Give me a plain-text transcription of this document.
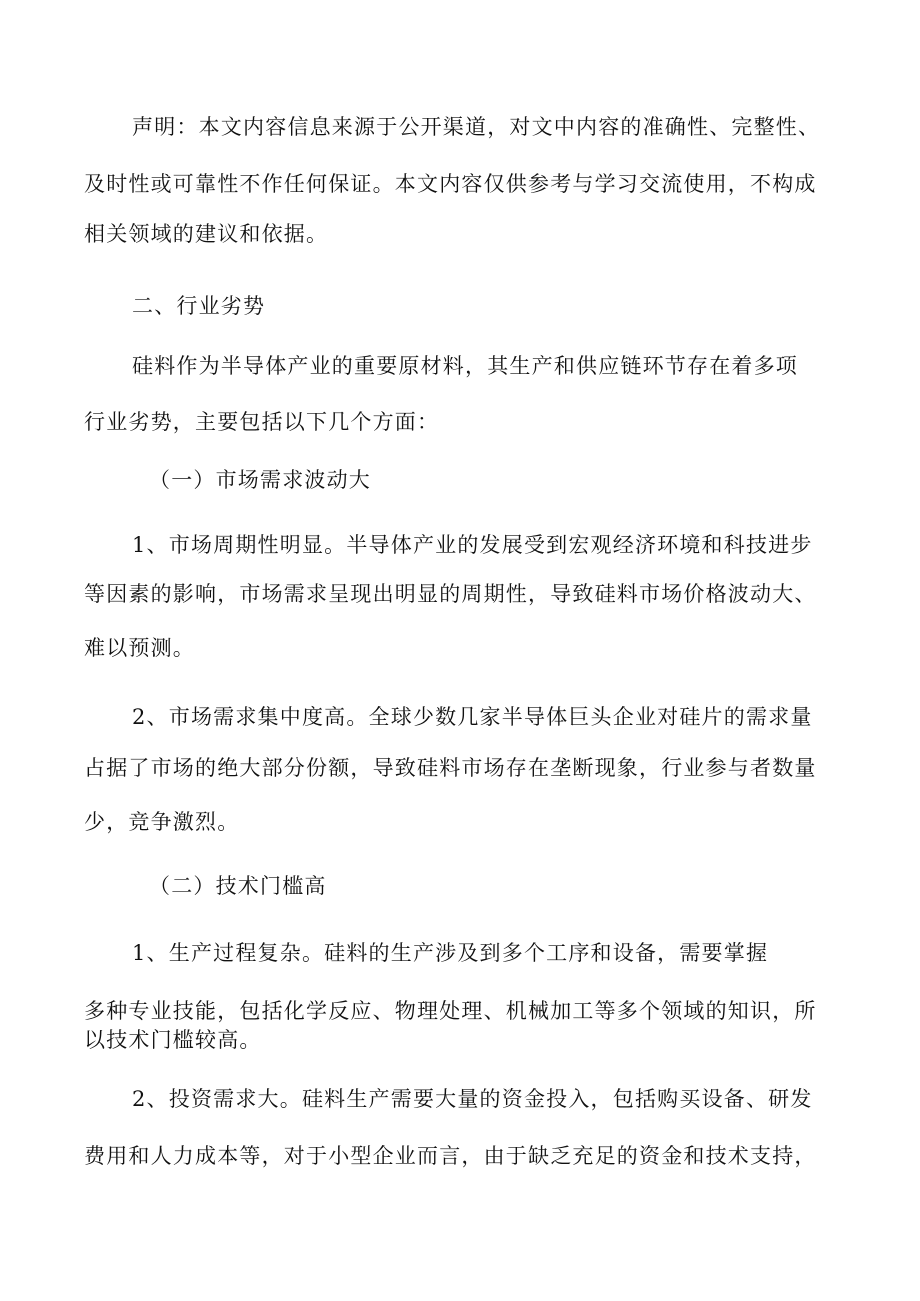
声明：本文内容信息来源于公开渠道，对文中内容的准确性、完整性、
及时性或可靠性不作任何保证。本文内容仅供参考与学习交流使用，不构成
相关领域的建议和依据。
二、行业劣势
硅料作为半导体产业的重要原材料，其生产和供应链环节存在着多项
行业劣势，主要包括以下几个方面：
（一）市场需求波动大
1、市场周期性明显。半导体产业的发展受到宏观经济环境和科技进步
等因素的影响，市场需求呈现出明显的周期性，导致硅料市场价格波动大、
难以预测。
2、市场需求集中度高。全球少数几家半导体巨头企业对硅片的需求量
占据了市场的绝大部分份额，导致硅料市场存在垄断现象，行业参与者数量
少，竞争激烈。
（二）技术门槛高
1、生产过程复杂。硅料的生产涉及到多个工序和设备，需要掌握
多种专业技能，包括化学反应、物理处理、机械加工等多个领域的知识，所
以技术门槛较高。
2、投资需求大。硅料生产需要大量的资金投入，包括购买设备、研发
费用和人力成本等，对于小型企业而言，由于缺乏充足的资金和技术支持，
